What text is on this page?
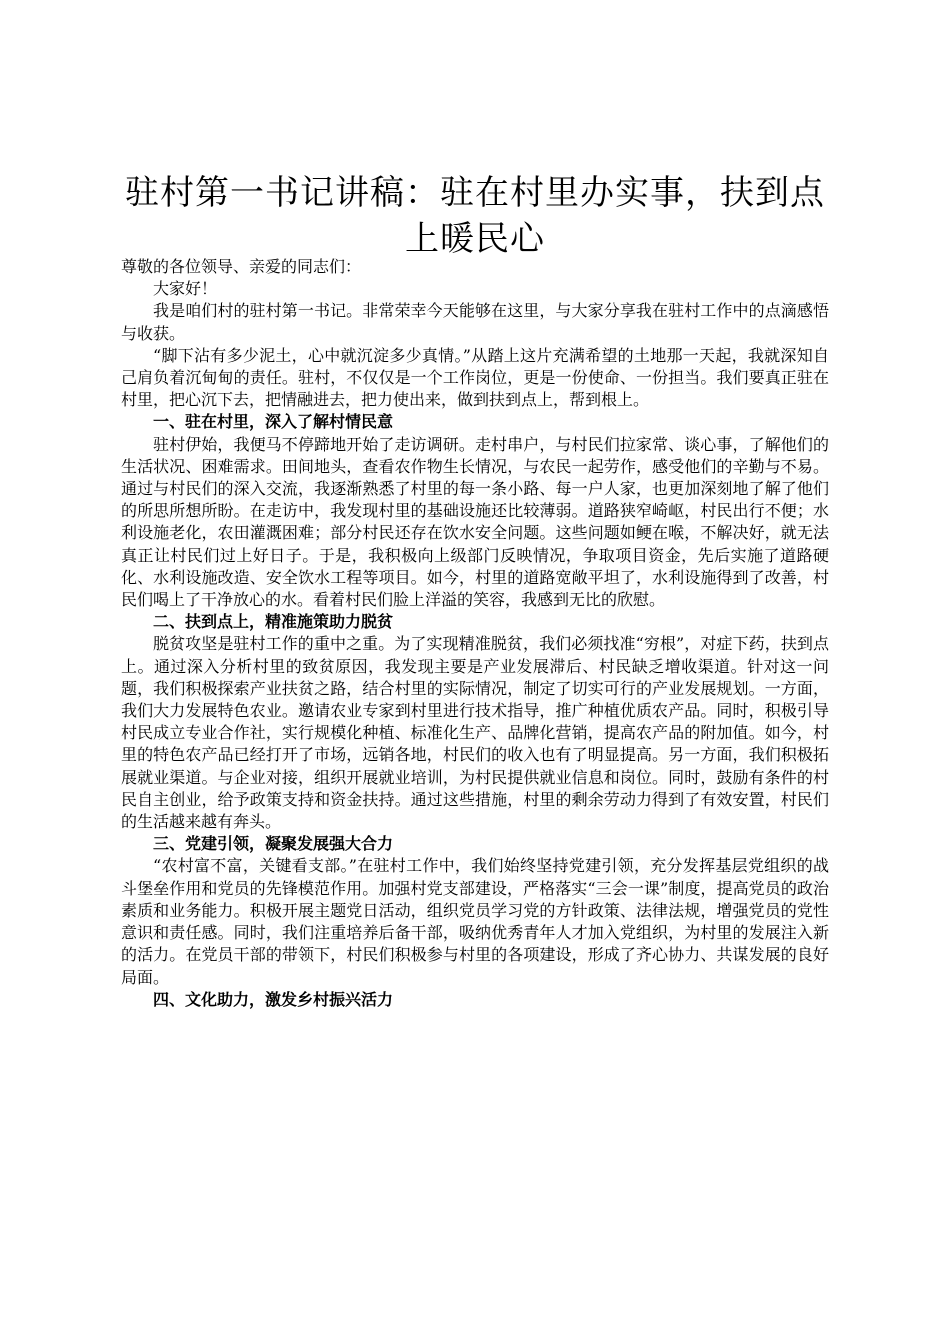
驻村第一书记讲稿：驻在村里办实事，扶到点上暖民心

尊敬的各位领导、亲爱的同志们：

大家好！

我是咱们村的驻村第一书记。非常荣幸今天能够在这里，与大家分享我在驻村工作中的点滴感悟与收获。

“脚下沾有多少泥土，心中就沉淀多少真情。”从踏上这片充满希望的土地那一天起，我就深知自己肩负着沉甸甸的责任。驻村，不仅仅是一个工作岗位，更是一份使命、一份担当。我们要真正驻在村里，把心沉下去，把情融进去，把力使出来，做到扶到点上，帮到根上。

一、驻在村里，深入了解村情民意

驻村伊始，我便马不停蹄地开始了走访调研。走村串户，与村民们拉家常、谈心事，了解他们的生活状况、困难需求。田间地头，查看农作物生长情况，与农民一起劳作，感受他们的辛勤与不易。通过与村民们的深入交流，我逐渐熟悉了村里的每一条小路、每一户人家，也更加深刻地了解了他们的所思所想所盼。在走访中，我发现村里的基础设施还比较薄弱。道路狭窄崎岖，村民出行不便；水利设施老化，农田灌溉困难；部分村民还存在饮水安全问题。这些问题如鲠在喉，不解决好，就无法真正让村民们过上好日子。于是，我积极向上级部门反映情况，争取项目资金，先后实施了道路硬化、水利设施改造、安全饮水工程等项目。如今，村里的道路宽敞平坦了，水利设施得到了改善，村民们喝上了干净放心的水。看着村民们脸上洋溢的笑容，我感到无比的欣慰。

二、扶到点上，精准施策助力脱贫

脱贫攻坚是驻村工作的重中之重。为了实现精准脱贫，我们必须找准“穷根”，对症下药，扶到点上。通过深入分析村里的致贫原因，我发现主要是产业发展滞后、村民缺乏增收渠道。针对这一问题，我们积极探索产业扶贫之路，结合村里的实际情况，制定了切实可行的产业发展规划。一方面，我们大力发展特色农业。邀请农业专家到村里进行技术指导，推广种植优质农产品。同时，积极引导村民成立专业合作社，实行规模化种植、标准化生产、品牌化营销，提高农产品的附加值。如今，村里的特色农产品已经打开了市场，远销各地，村民们的收入也有了明显提高。另一方面，我们积极拓展就业渠道。与企业对接，组织开展就业培训，为村民提供就业信息和岗位。同时，鼓励有条件的村民自主创业，给予政策支持和资金扶持。通过这些措施，村里的剩余劳动力得到了有效安置，村民们的生活越来越有奔头。

三、党建引领，凝聚发展强大合力

“农村富不富，关键看支部。”在驻村工作中，我们始终坚持党建引领，充分发挥基层党组织的战斗堡垒作用和党员的先锋模范作用。加强村党支部建设，严格落实“三会一课”制度，提高党员的政治素质和业务能力。积极开展主题党日活动，组织党员学习党的方针政策、法律法规，增强党员的党性意识和责任感。同时，我们注重培养后备干部，吸纳优秀青年人才加入党组织，为村里的发展注入新的活力。在党员干部的带领下，村民们积极参与村里的各项建设，形成了齐心协力、共谋发展的良好局面。

四、文化助力，激发乡村振兴活力
